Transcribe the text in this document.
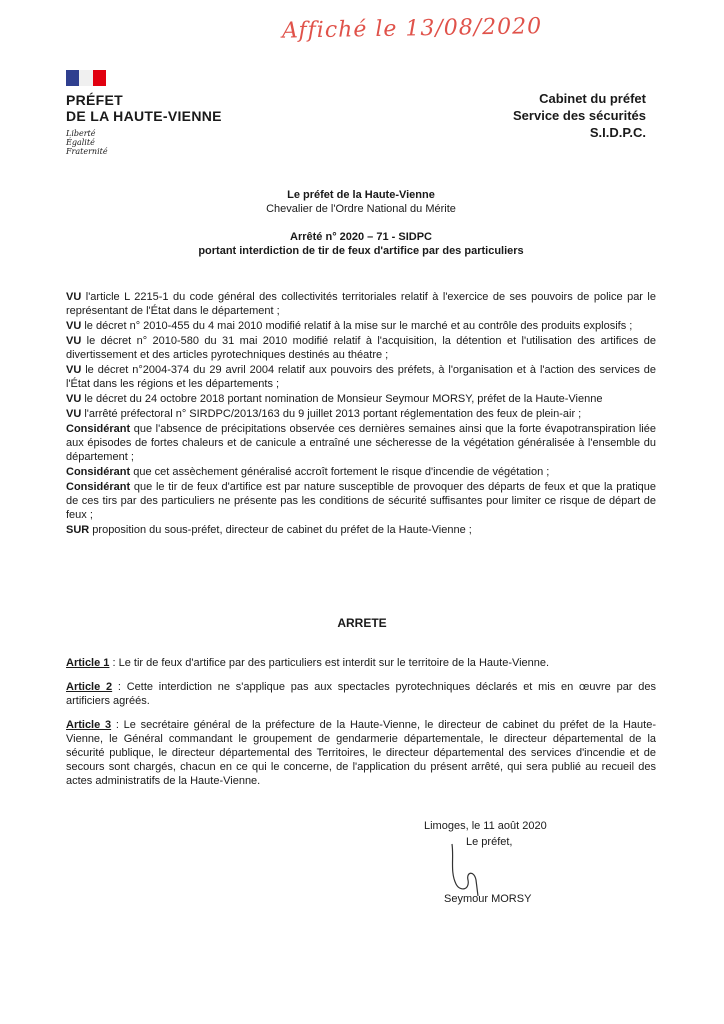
Affiché le 13/08/2020
PRÉFET
DE LA HAUTE-VIENNE
Liberté
Égalité
Fraternité
Cabinet du préfet
Service des sécurités
S.I.D.P.C.
Le préfet de la Haute-Vienne
Chevalier de l'Ordre National du Mérite
Arrêté n° 2020 – 71 - SIDPC
portant interdiction de tir de feux d'artifice par des particuliers

VU l'article L 2215-1 du code général des collectivités territoriales relatif à l'exercice de ses pouvoirs de police par le représentant de l'État dans le département ;

VU le décret n° 2010-455 du 4 mai 2010 modifié relatif à la mise sur le marché et au contrôle des produits explosifs ;

VU le décret n° 2010-580 du 31 mai 2010 modifié relatif à l'acquisition, la détention et l'utilisation des artifices de divertissement et des articles pyrotechniques destinés au théatre ;

VU le décret n°2004-374 du 29 avril 2004 relatif aux pouvoirs des préfets, à l'organisation et à l'action des services de l'État dans les régions et les départements ;

VU le décret du 24 octobre 2018 portant nomination de Monsieur Seymour MORSY, préfet de la Haute-Vienne

VU l'arrêté préfectoral n° SIRDPC/2013/163 du 9 juillet 2013 portant réglementation des feux de plein-air ;

Considérant que l'absence de précipitations observée ces dernières semaines ainsi que la forte évapotranspiration liée aux épisodes de fortes chaleurs et de canicule a entraîné une sécheresse de la végétation généralisée à l'ensemble du département ;

Considérant que cet assèchement généralisé accroît fortement le risque d'incendie de végétation ;

Considérant que le tir de feux d'artifice est par nature susceptible de provoquer des départs de feux et que la pratique de ces tirs par des particuliers ne présente pas les conditions de sécurité suffisantes pour limiter ce risque de départ de feux ;

SUR proposition du sous-préfet, directeur de cabinet du préfet de la Haute-Vienne ;

ARRETE

Article 1 : Le tir de feux d'artifice par des particuliers est interdit sur le territoire de la Haute-Vienne.

Article 2 : Cette interdiction ne s'applique pas aux spectacles pyrotechniques déclarés et mis en œuvre par des artificiers agréés.

Article 3 : Le secrétaire général de la préfecture de la Haute-Vienne, le directeur de cabinet du préfet de la Haute-Vienne, le Général commandant le groupement de gendarmerie départementale, le directeur départemental de la sécurité publique, le directeur départemental des Territoires, le directeur départemental des services d'incendie et de secours sont chargés, chacun en ce qui le concerne, de l'application du présent arrêté, qui sera publié au recueil des actes administratifs de la Haute-Vienne.

Limoges, le 11 août 2020
Le préfet,
Seymour MORSY
